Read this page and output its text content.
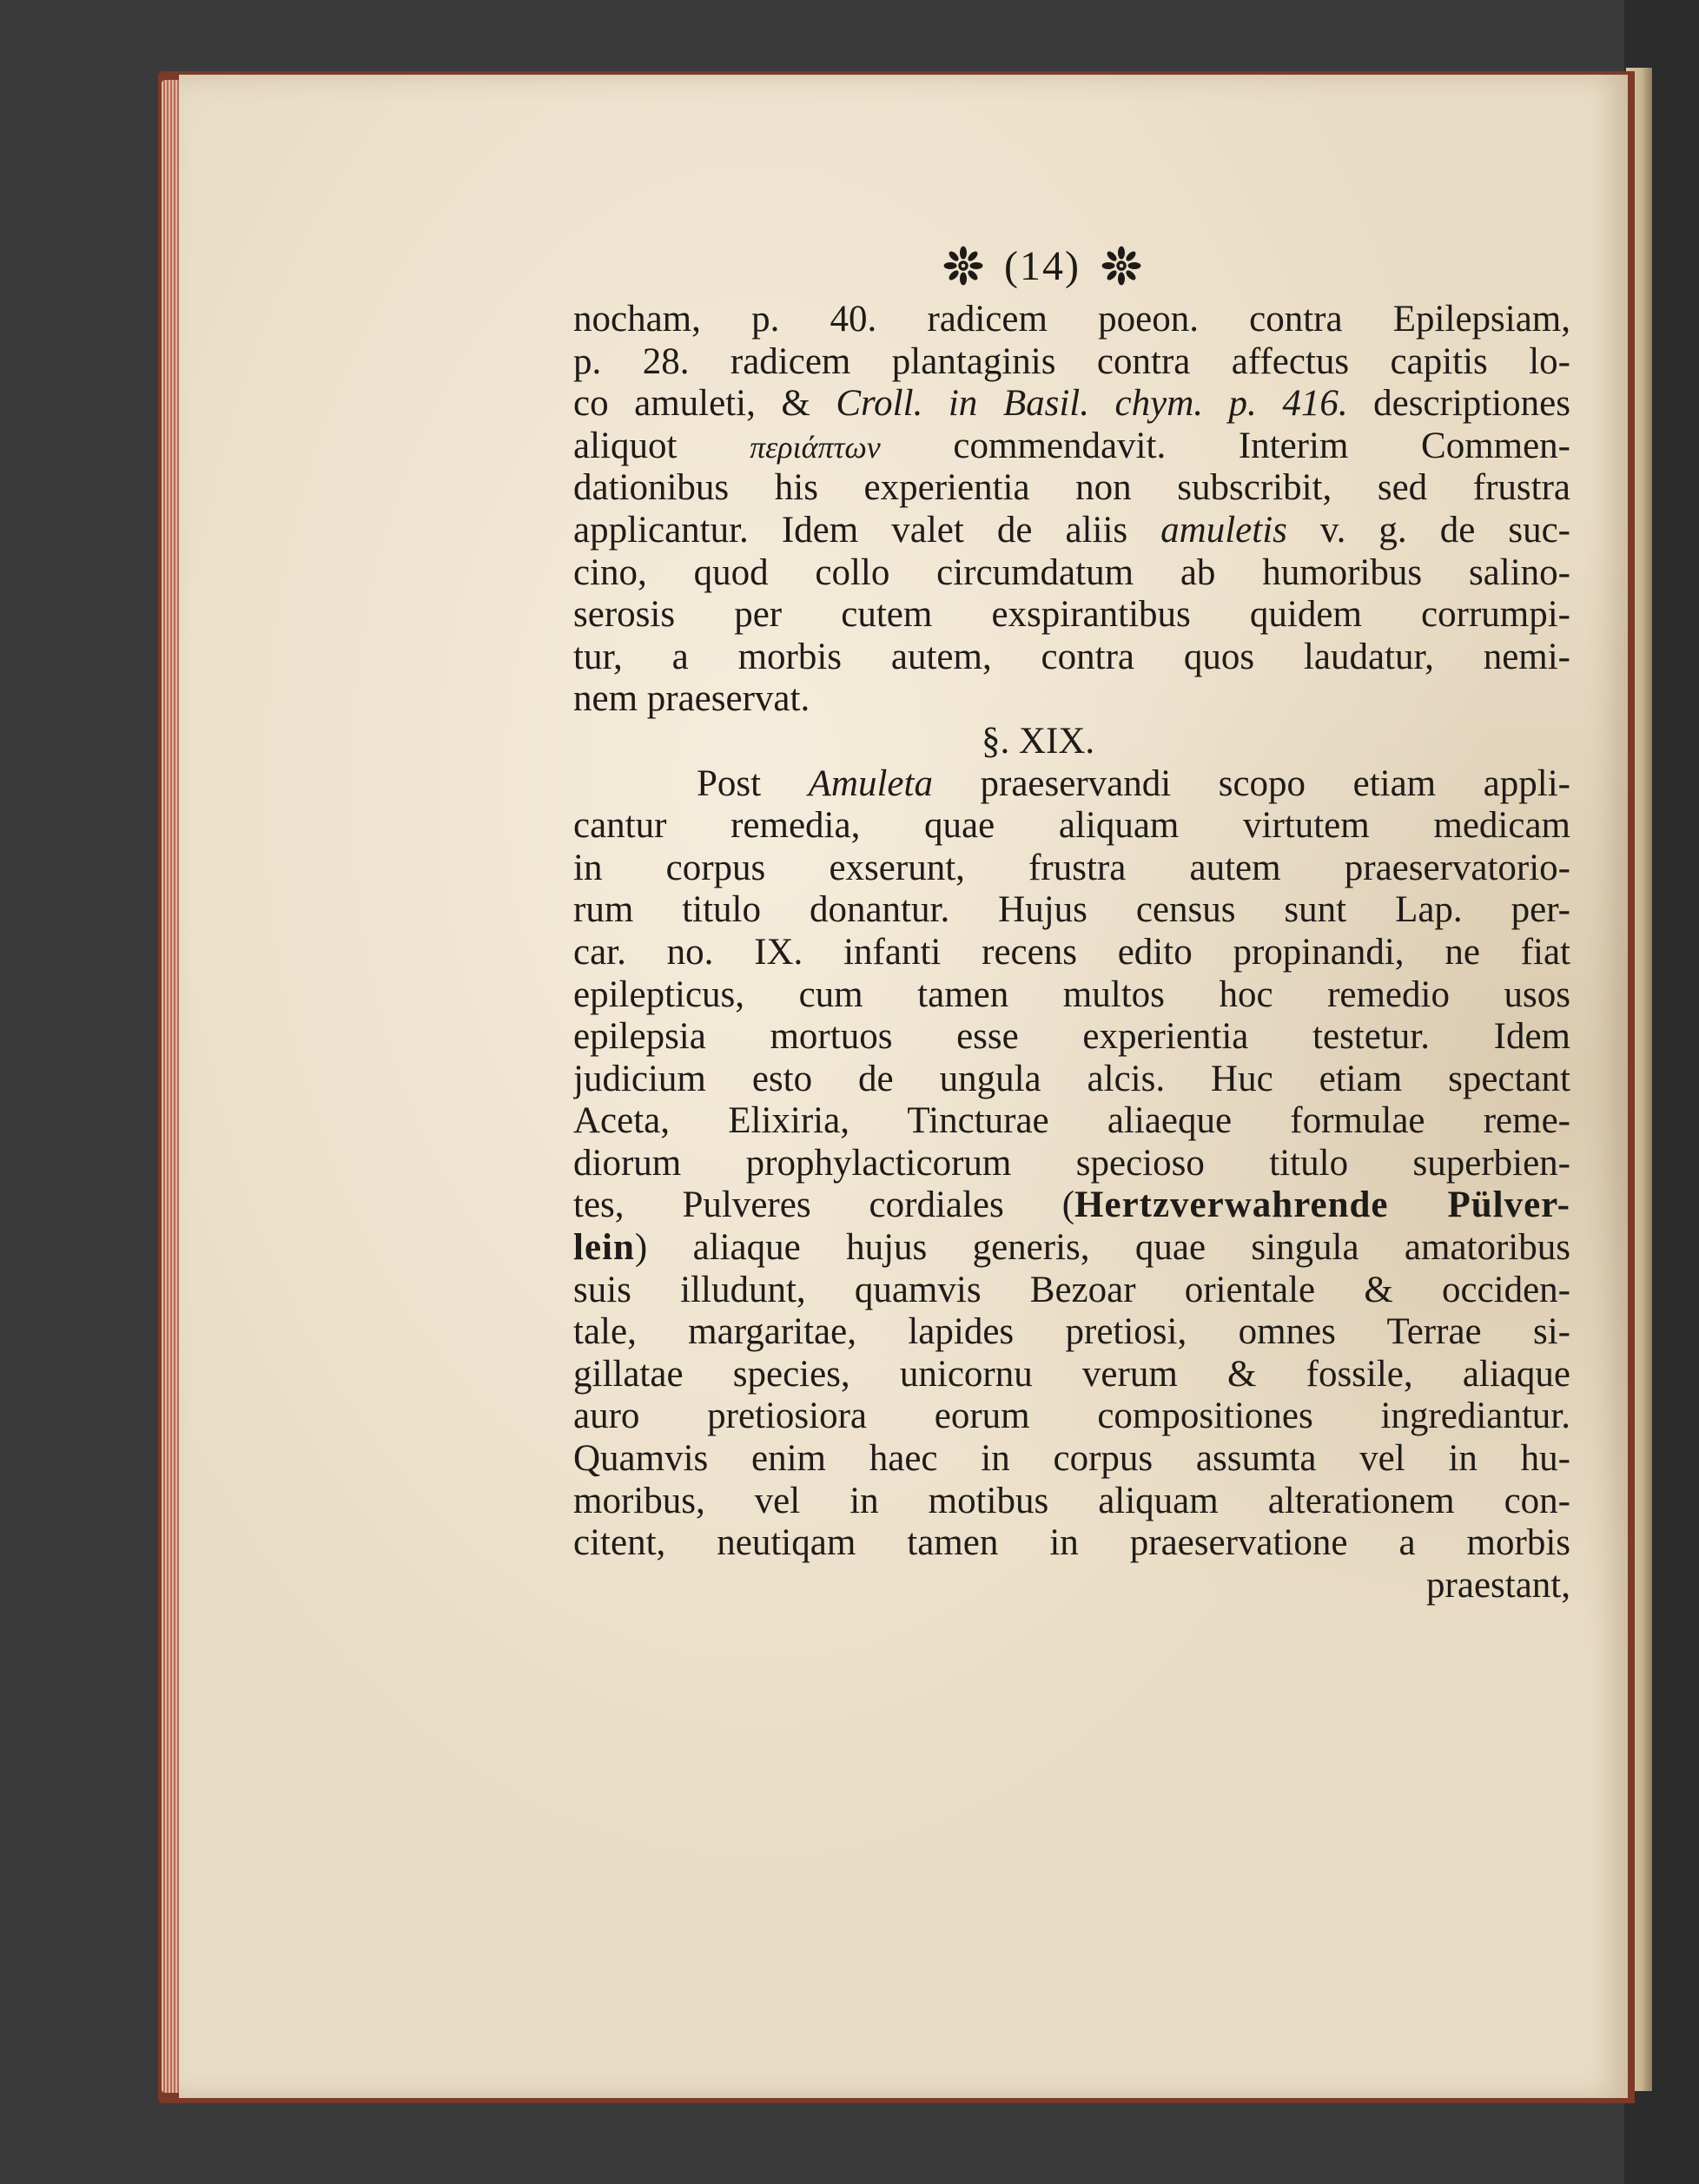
(14)
nocham, p. 40. radicem poeon. contra Epilepsiam,
p. 28. radicem plantaginis contra affectus capitis lo-
co amuleti, & Croll. in Basil. chym. p. 416. descriptiones
aliquot περιάπτων commendavit. Interim Commen-
dationibus his experientia non subscribit, sed frustra
applicantur. Idem valet de aliis amuletis v. g. de suc-
cino, quod collo circumdatum ab humoribus salino-
serosis per cutem exspirantibus quidem corrumpi-
tur, a morbis autem, contra quos laudatur, nemi-
nem praeservat.
§. XIX.
Post Amuleta praeservandi scopo etiam appli-
cantur remedia, quae aliquam virtutem medicam
in corpus exserunt, frustra autem praeservatorio-
rum titulo donantur. Hujus census sunt Lap. per-
car. no. IX. infanti recens edito propinandi, ne fiat
epilepticus, cum tamen multos hoc remedio usos
epilepsia mortuos esse experientia testetur. Idem
judicium esto de ungula alcis. Huc etiam spectant
Aceta, Elixiria, Tincturae aliaeque formulae reme-
diorum prophylacticorum specioso titulo superbien-
tes, Pulveres cordiales (Hertzverwahrende Pülver-
lein) aliaque hujus generis, quae singula amatoribus
suis illudunt, quamvis Bezoar orientale & occiden-
tale, margaritae, lapides pretiosi, omnes Terrae si-
gillatae species, unicornu verum & fossile, aliaque
auro pretiosiora eorum compositiones ingrediantur.
Quamvis enim haec in corpus assumta vel in hu-
moribus, vel in motibus aliquam alterationem con-
citent, neutiqam tamen in praeservatione a morbis
praestant,
